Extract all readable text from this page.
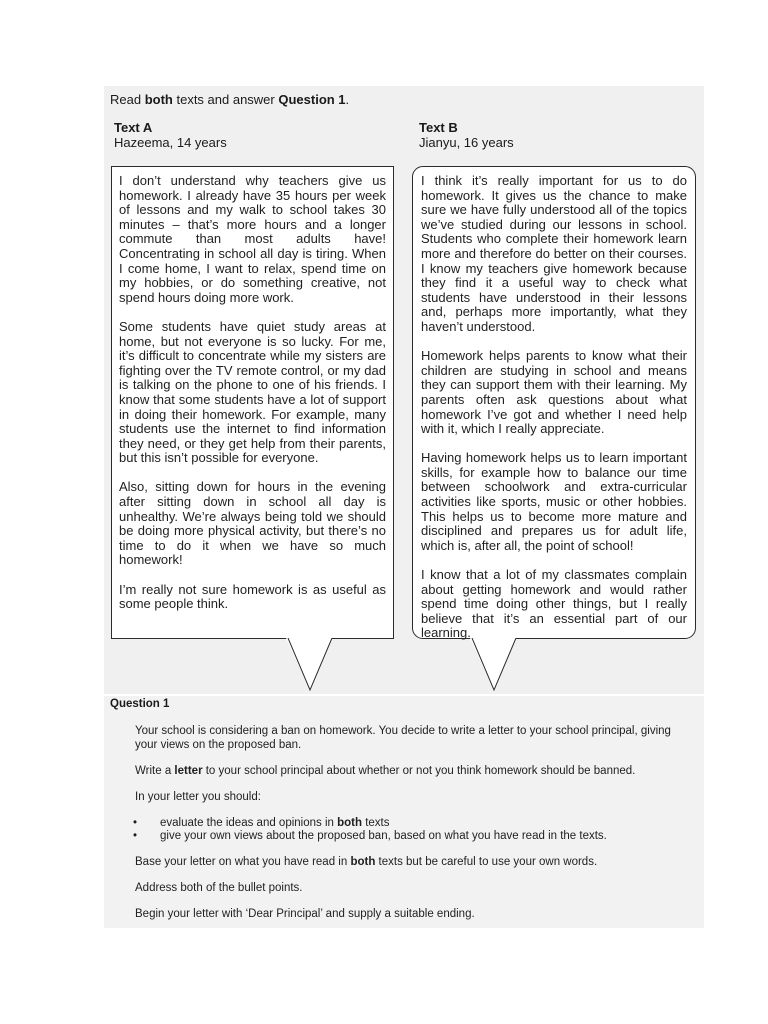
Read both texts and answer Question 1.
Text A
Hazeema, 14 years
Text B
Jianyu, 16 years

I don’t understand why teachers give us homework. I already have 35 hours per week of lessons and my walk to school takes 30 minutes – that’s more hours and a longer commute than most adults have! Concentrating in school all day is tiring. When I come home, I want to relax, spend time on my hobbies, or do something creative, not spend hours doing more work.

Some students have quiet study areas at home, but not everyone is so lucky. For me, it’s difficult to concentrate while my sisters are fighting over the TV remote control, or my dad is talking on the phone to one of his friends. I know that some students have a lot of support in doing their homework. For example, many students use the internet to find information they need, or they get help from their parents, but this isn’t possible for everyone.

Also, sitting down for hours in the evening after sitting down in school all day is unhealthy. We’re always being told we should be doing more physical activity, but there’s no time to do it when we have so much homework!

I’m really not sure homework is as useful as some people think.

I think it’s really important for us to do homework. It gives us the chance to make sure we have fully understood all of the topics we’ve studied during our lessons in school. Students who complete their homework learn more and therefore do better on their courses. I know my teachers give homework because they find it a useful way to check what students have understood in their lessons and, perhaps more importantly, what they haven’t understood.

Homework helps parents to know what their children are studying in school and means they can support them with their learning. My parents often ask questions about what homework I’ve got and whether I need help with it, which I really appreciate.

Having homework helps us to learn important skills, for example how to balance our time between schoolwork and extra-curricular activities like sports, music or other hobbies. This helps us to become more mature and disciplined and prepares us for adult life, which is, after all, the point of school!

I know that a lot of my classmates complain about getting homework and would rather spend time doing other things, but I really believe that it’s an essential part of our learning.

Question 1

Your school is considering a ban on homework. You decide to write a letter to your school principal, giving your views on the proposed ban.

Write a letter to your school principal about whether or not you think homework should be banned.

In your letter you should:

• evaluate the ideas and opinions in both texts
• give your own views about the proposed ban, based on what you have read in the texts.

Base your letter on what you have read in both texts but be careful to use your own words.

Address both of the bullet points.

Begin your letter with ‘Dear Principal’ and supply a suitable ending.
